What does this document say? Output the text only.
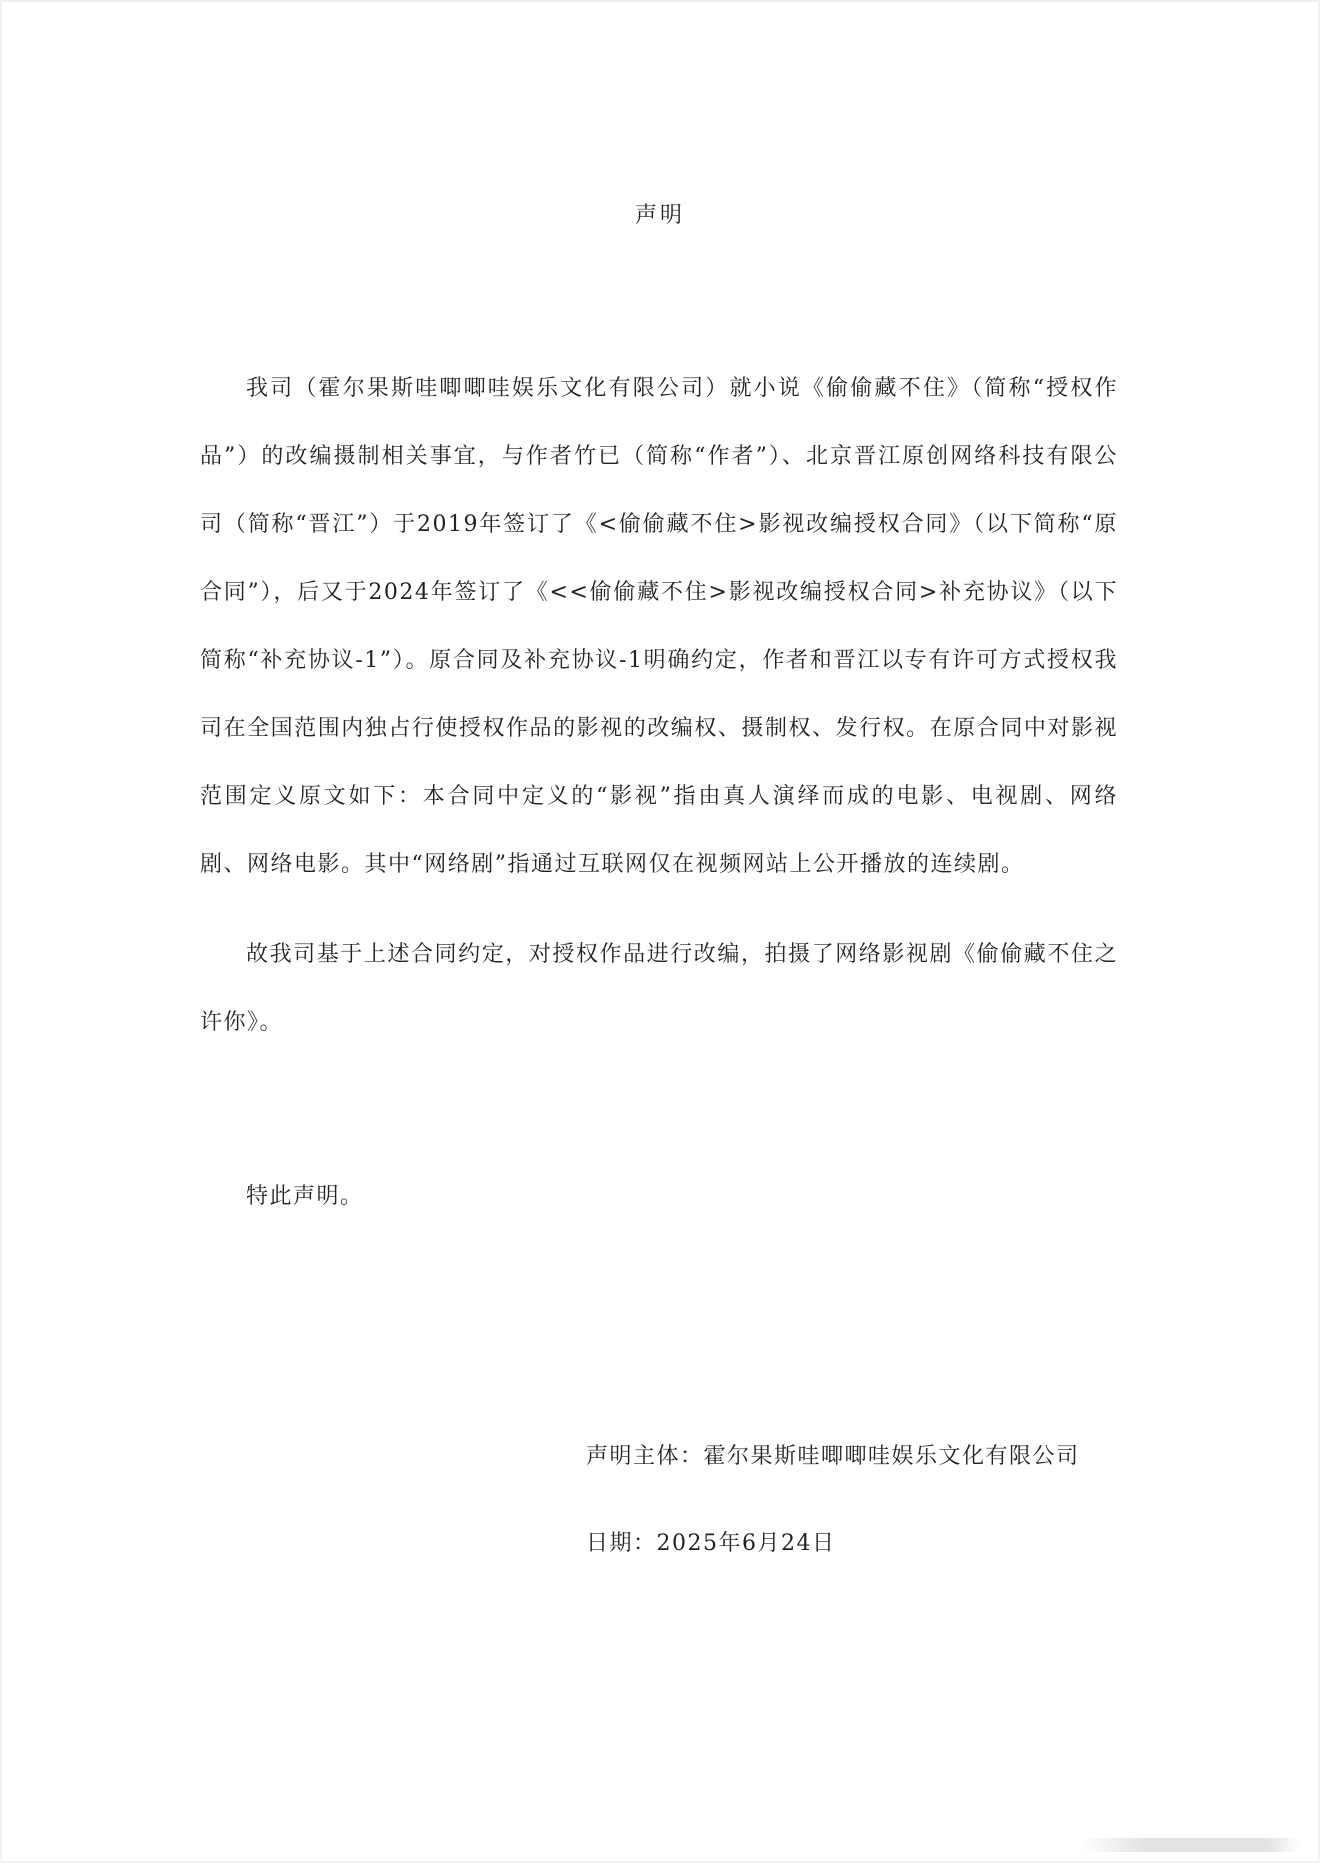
声明

我司（霍尔果斯哇唧唧哇娱乐文化有限公司）就小说《偷偷藏不住》（简称“授权作品”）的改编摄制相关事宜，与作者竹已（简称“作者”）、北京晋江原创网络科技有限公司（简称“晋江”）于2019年签订了《<偷偷藏不住>影视改编授权合同》（以下简称“原合同”），后又于2024年签订了《<<偷偷藏不住>影视改编授权合同>补充协议》（以下简称“补充协议-1”）。原合同及补充协议-1明确约定，作者和晋江以专有许可方式授权我司在全国范围内独占行使授权作品的影视的改编权、摄制权、发行权。在原合同中对影视范围定义原文如下：本合同中定义的“影视”指由真人演绎而成的电影、电视剧、网络剧、网络电影。其中“网络剧”指通过互联网仅在视频网站上公开播放的连续剧。

故我司基于上述合同约定，对授权作品进行改编，拍摄了网络影视剧《偷偷藏不住之许你》。

特此声明。

声明主体：霍尔果斯哇唧唧哇娱乐文化有限公司

日期：2025年6月24日
